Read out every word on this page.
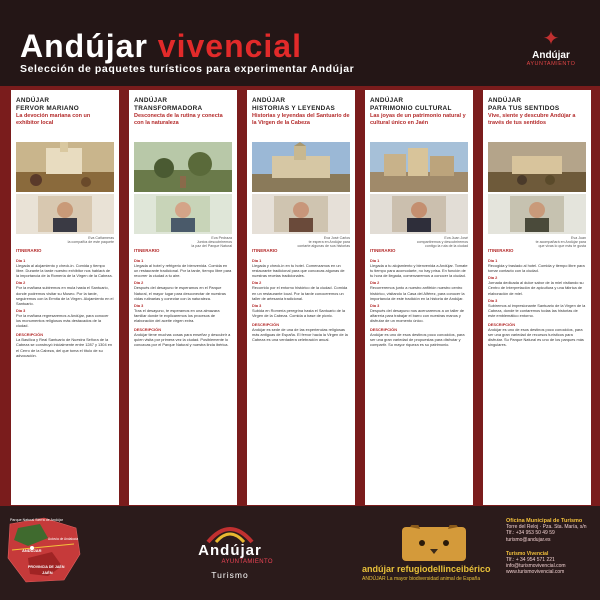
Andújar vivencial
Selección de paquetes turísticos para experimentar Andújar
✦
Andújar
AYUNTAMIENTO
ANDÚJAR
FERVOR MARIANO
La devoción mariana con un exhibitor local
Eva Cañameras
la compañía de este paquete
ITINERARIO
Día 1

Llegada al alojamiento y check-in. Comida y tiempo libre. Durante la tarde nuestro exhibitor nos hablará de la importancia de la Romería de la Virgen de la Cabeza.

Día 2

Por la mañana subiremos en mula hasta el Santuario, donde podremos visitar su Museo. Por la tarde, seguiremos con la Ermita de la Virgen. Alojamiento en el Santuario.

Día 3

Por la mañana regresaremos a Andújar, para conocer los monumentos religiosos más destacados de la ciudad.

DESCRIPCIÓN

La Basílica y Real Santuario de Nuestra Señora de la Cabeza se construyó inicialmente entre 1287 y 1304 en el Cerro de la Cabeza, del que toma el título de su advocación.

ANDÚJAR
TRANSFORMADORA
Desconecta de la rutina y conecta con la naturaleza
Eva Pedraza
Juntos descubriremos
la paz del Parque Natural
ITINERARIO
Día 1

Llegada al hotel y refrigerio de bienvenida. Comida en un restaurante tradicional. Por la tarde, tiempo libre para recorrer la ciudad a tu aire.

Día 2

Después del desayuno te esperamos en el Parque Natural, el mayor lugar para desconectar de nuestras vidas rutinarias y conectar con la naturaleza.

Día 3

Tras el desayuno, te esperamos en una almazara familiar donde te explicaremos los procesos de elaboración del aceite virgen extra.

DESCRIPCIÓN

Andújar tiene muchas cosas para enseñar y descubrir a quien visita por primera vez la ciudad. Posiblemente lo conozcas por el Parque Natural y nuestra linda ibérica.

ANDÚJAR
HISTORIAS Y LEYENDAS
Historias y leyendas del Santuario de la Virgen de la Cabeza
Eva José Carlos
te espera en Andújar para
contarte algunas de sus historias
ITINERARIO
Día 1

Llegada y check-in en tu hotel. Comenzamos en un restaurante tradicional para que conozcas algunas de nuestras recetas tradicionales.

Día 2

Recorrido por el entorno histórico de la ciudad. Comida en un restaurante local. Por la tarde conoceremos un taller de artesanía tradicional.

Día 3

Subida en Romería peregrina hasta el Santuario de la Virgen de la Cabeza. Comida a base de picnic.

DESCRIPCIÓN

Andújar es sede de una de las experiencias religiosas más antiguas de España. El fervor hacia la Virgen de la Cabeza es una verdadera celebración anual.

ANDÚJAR
PATRIMONIO CULTURAL
Las joyas de un patrimonio natural y cultural único en Jaén
Eva Juan José
compartiremos y descubriremos
contigo la ruta de la ciudad
ITINERARIO
Día 1

Llegada a tu alojamiento y bienvenida a Andújar. Tomate tu tiempo para acomodarte, no hay prisa. En función de tu hora de llegada, comenzaremos a conocer la ciudad.

Día 2

Recorreremos junto a nuestro anfitrión nuestro centro histórico, visitando la Casa del Alférez, para conocer la importancia de este tradición en la historia de Andújar.

Día 3

Después del desayuno nos acercaremos a un taller de alfarería para trabajar el barro con nuestras manos y disfrutar de un momento único.

DESCRIPCIÓN

Andújar es uno de esos destinos poco conocidos, para ser una gran variedad de propuestas para disfrutar y compartir. Su mayor riqueza es su patrimonio.

ANDÚJAR
PARA TUS SENTIDOS
Vive, siente y descubre Andújar a través de tus sentidos
Eva Juan
te acompañará en Andújar para
que vivas lo que más te gusta
ITINERARIO
Día 1

Recogida y traslado al hotel. Comida y tiempo libre para tomar contacto con la ciudad.

Día 2

Jornada dedicada al dulce sabor de la miel visitando su Centro de Interpretación de apicultura y una fábrica de elaboración de miel.

Día 3

Subiremos al impresionante Santuario de la Virgen de la Cabeza, donde te contaremos todas las historias de este emblemático entorno.

DESCRIPCIÓN

Andújar es uno de esos destinos poco conocidos, para ser una gran variedad de recursos turísticos para disfrutar. Su Parque Natural es uno de los parques más singulares.

Parque Natural Sierra de Andújar
ANDÚJAR
PROVINCIA DE JAÉN
Autovía de Andalucía
JAÉN
Andújar
AYUNTAMIENTO
Turismo
andújar refugiodellinceibérico
ANDÚJAR La mayor biodiversidad animal de España
Oficina Municipal de Turismo
Torre del Reloj · Pza. Sta. María, s/n
Tlf.: +34 953 50 49 59
turismo@andujar.es
Turismo Vivencial
Tlf.: + 34 954 571 221
info@turismovivencial.com
www.turismovivencial.com
